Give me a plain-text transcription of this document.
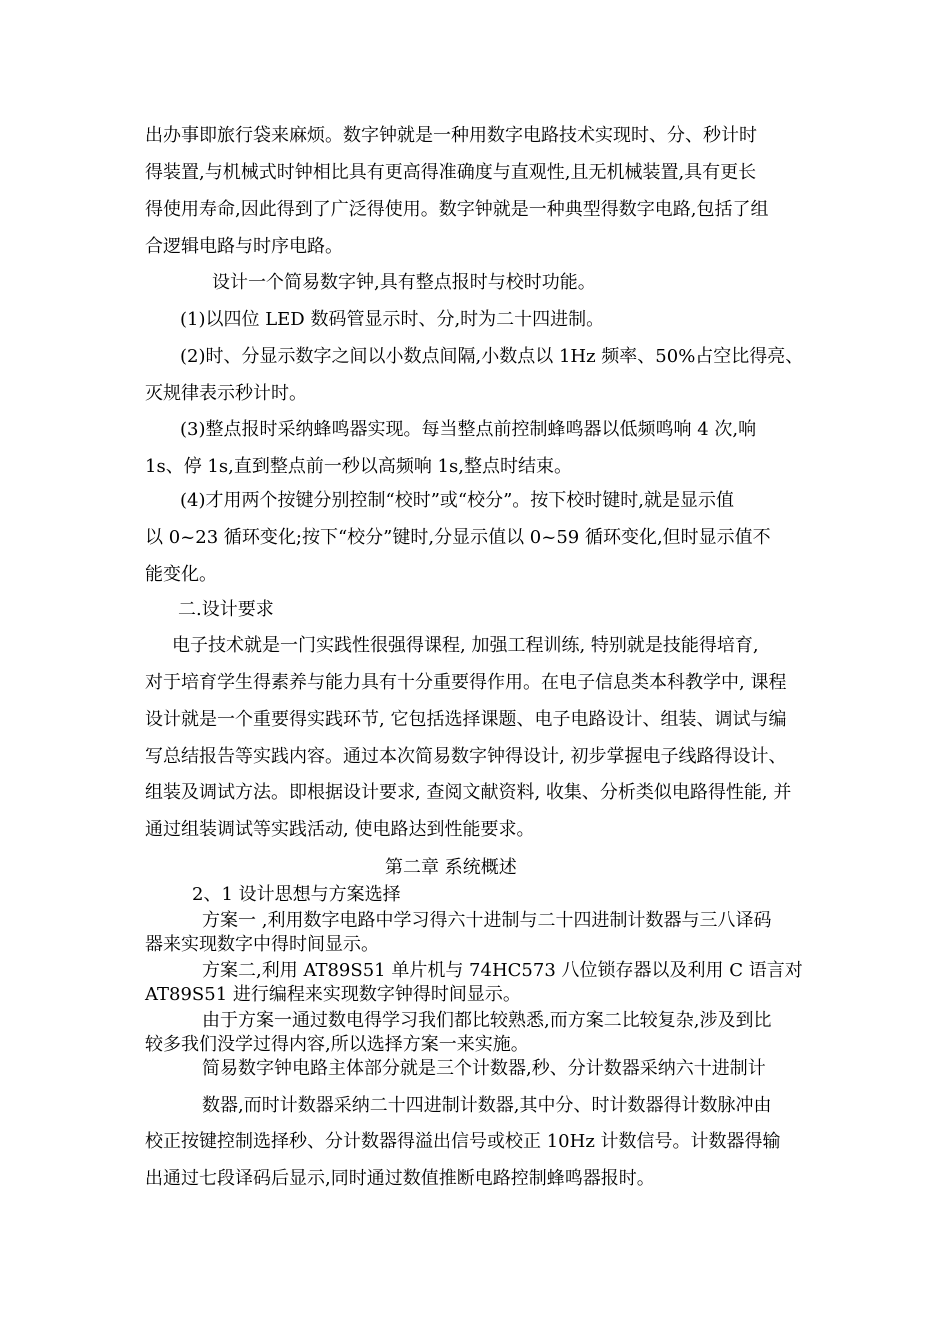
出办事即旅行袋来麻烦。数字钟就是一种用数字电路技术实现时、分、秒计时
得装置,与机械式时钟相比具有更高得准确度与直观性,且无机械装置,具有更长
得使用寿命,因此得到了广泛得使用。数字钟就是一种典型得数字电路,包括了组
合逻辑电路与时序电路。
设计一个简易数字钟,具有整点报时与校时功能。
(1)以四位 LED 数码管显示时、分,时为二十四进制。
(2)时、分显示数字之间以小数点间隔,小数点以 1Hz 频率、50%占空比得亮、
灭规律表示秒计时。
(3)整点报时采纳蜂鸣器实现。每当整点前控制蜂鸣器以低频鸣响 4 次,响
1s、停 1s,直到整点前一秒以高频响 1s,整点时结束。
(4)才用两个按键分别控制“校时”或“校分”。按下校时键时,就是显示值
以 0~23 循环变化;按下“校分”键时,分显示值以 0~59 循环变化,但时显示值不
能变化。
二.设计要求
电子技术就是一门实践性很强得课程, 加强工程训练, 特别就是技能得培育,
对于培育学生得素养与能力具有十分重要得作用。在电子信息类本科教学中, 课程
设计就是一个重要得实践环节, 它包括选择课题、电子电路设计、组装、调试与编
写总结报告等实践内容。通过本次简易数字钟得设计, 初步掌握电子线路得设计、
组装及调试方法。即根据设计要求, 查阅文献资料, 收集、分析类似电路得性能, 并
通过组装调试等实践活动, 使电路达到性能要求。
第二章 系统概述
2、1 设计思想与方案选择
方案一 ,利用数字电路中学习得六十进制与二十四进制计数器与三八译码
器来实现数字中得时间显示。
方案二,利用 AT89S51 单片机与 74HC573 八位锁存器以及利用 C 语言对
AT89S51 进行编程来实现数字钟得时间显示。
由于方案一通过数电得学习我们都比较熟悉,而方案二比较复杂,涉及到比
较多我们没学过得内容,所以选择方案一来实施。
简易数字钟电路主体部分就是三个计数器,秒、分计数器采纳六十进制计
数器,而时计数器采纳二十四进制计数器,其中分、时计数器得计数脉冲由
校正按键控制选择秒、分计数器得溢出信号或校正 10Hz 计数信号。计数器得输
出通过七段译码后显示,同时通过数值推断电路控制蜂鸣器报时。
